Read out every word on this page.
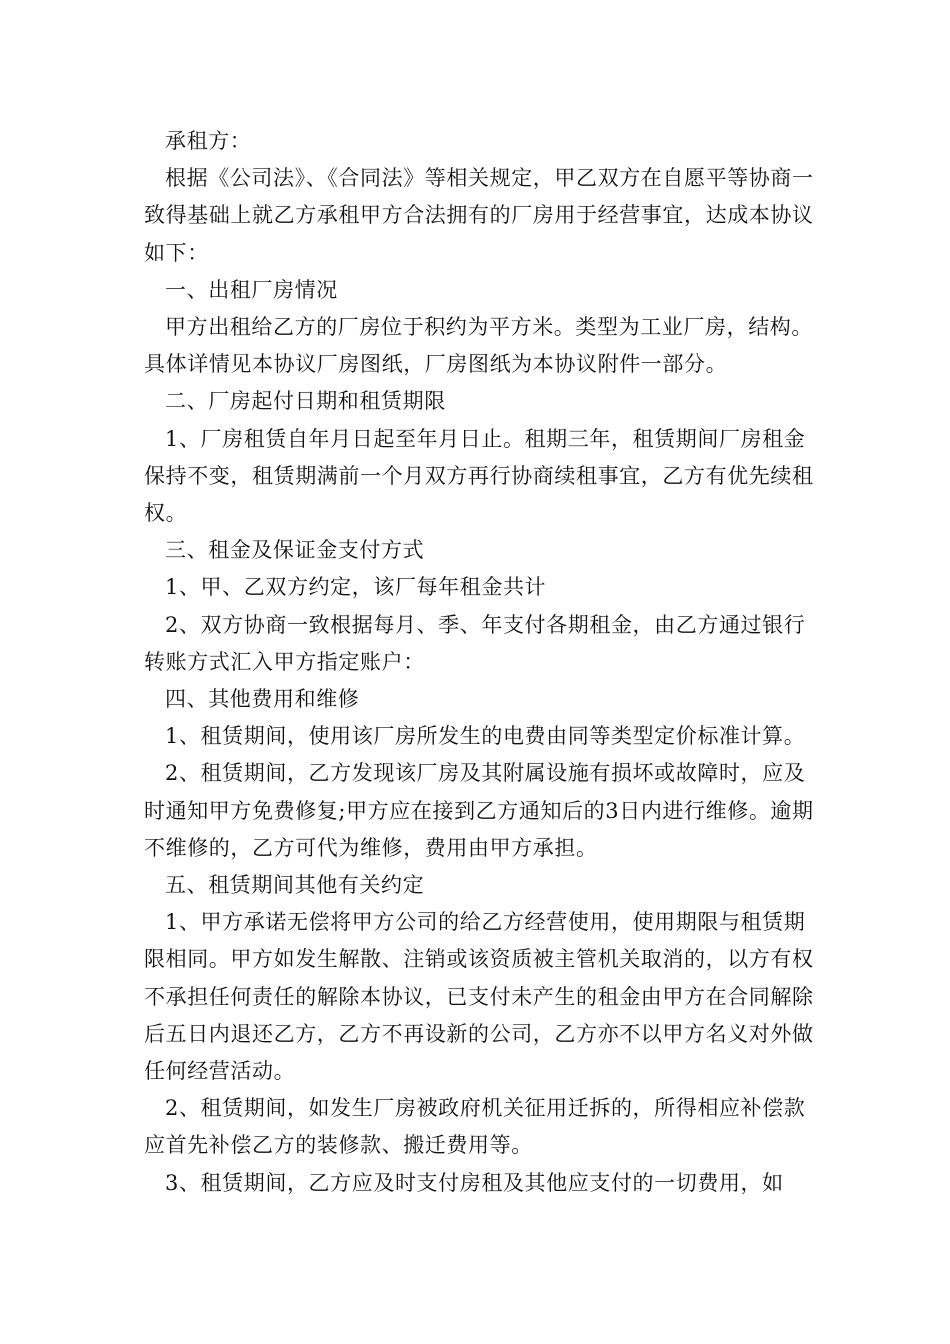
承租方：

根据《公司法》、《合同法》等相关规定，甲乙双方在自愿平等协商一致得基础上就乙方承租甲方合法拥有的厂房用于经营事宜，达成本协议如下：

一、出租厂房情况

甲方出租给乙方的厂房位于积约为平方米。类型为工业厂房，结构。具体详情见本协议厂房图纸，厂房图纸为本协议附件一部分。

二、厂房起付日期和租赁期限

1、厂房租赁自年月日起至年月日止。租期三年，租赁期间厂房租金保持不变，租赁期满前一个月双方再行协商续租事宜，乙方有优先续租权。

三、租金及保证金支付方式

1、甲、乙双方约定，该厂每年租金共计

2、双方协商一致根据每月、季、年支付各期租金，由乙方通过银行转账方式汇入甲方指定账户：

四、其他费用和维修

1、租赁期间，使用该厂房所发生的电费由同等类型定价标准计算。

2、租赁期间，乙方发现该厂房及其附属设施有损坏或故障时，应及时通知甲方免费修复;甲方应在接到乙方通知后的3日内进行维修。逾期不维修的，乙方可代为维修，费用由甲方承担。

五、租赁期间其他有关约定

1、甲方承诺无偿将甲方公司的给乙方经营使用，使用期限与租赁期限相同。甲方如发生解散、注销或该资质被主管机关取消的，以方有权不承担任何责任的解除本协议，已支付未产生的租金由甲方在合同解除后五日内退还乙方，乙方不再设新的公司，乙方亦不以甲方名义对外做任何经营活动。

2、租赁期间，如发生厂房被政府机关征用迁拆的，所得相应补偿款应首先补偿乙方的装修款、搬迁费用等。

3、租赁期间，乙方应及时支付房租及其他应支付的一切费用，如
